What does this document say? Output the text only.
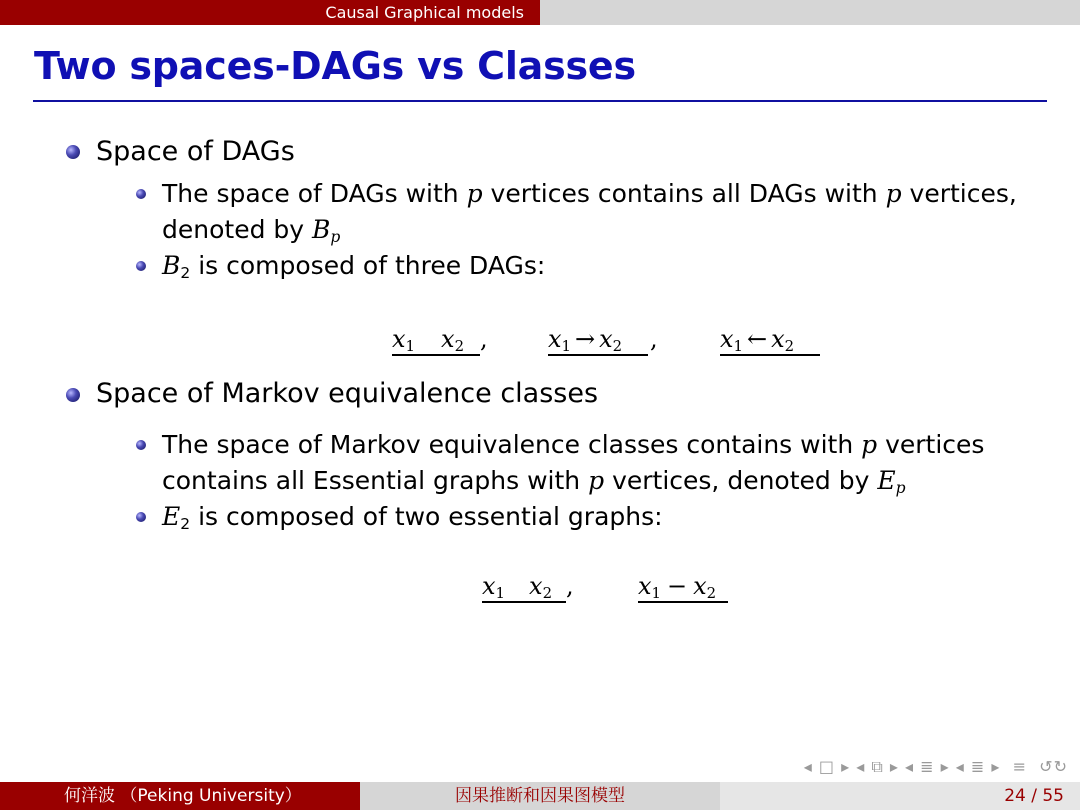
Causal Graphical models
Two spaces-DAGs vs Classes
Space of DAGs
The space of DAGs with p vertices contains all DAGs with p vertices,
denoted by $B_p$
$B_2$ is composed of three DAGs:
$x_1$ $x_2$ ,	$x_1 \to x_2$	,	$x_1$ ← $x_2$
Space of Markov equivalence classes
The space of Markov equivalence classes contains with p vertices
contains all Essential graphs with p vertices, denoted by $E_p$
$E_2$ is composed of two essential graphs:
$x_1$ $x_2$ ,	$x_1 - x_2$
◂ □ ▸ ◂ ⧉ ▸ ◂ ≣ ▸ ◂ ≣ ▸  ≡  ↺↻
何洋波 （Peking University）	因果推断和因果图模型	24 / 55
